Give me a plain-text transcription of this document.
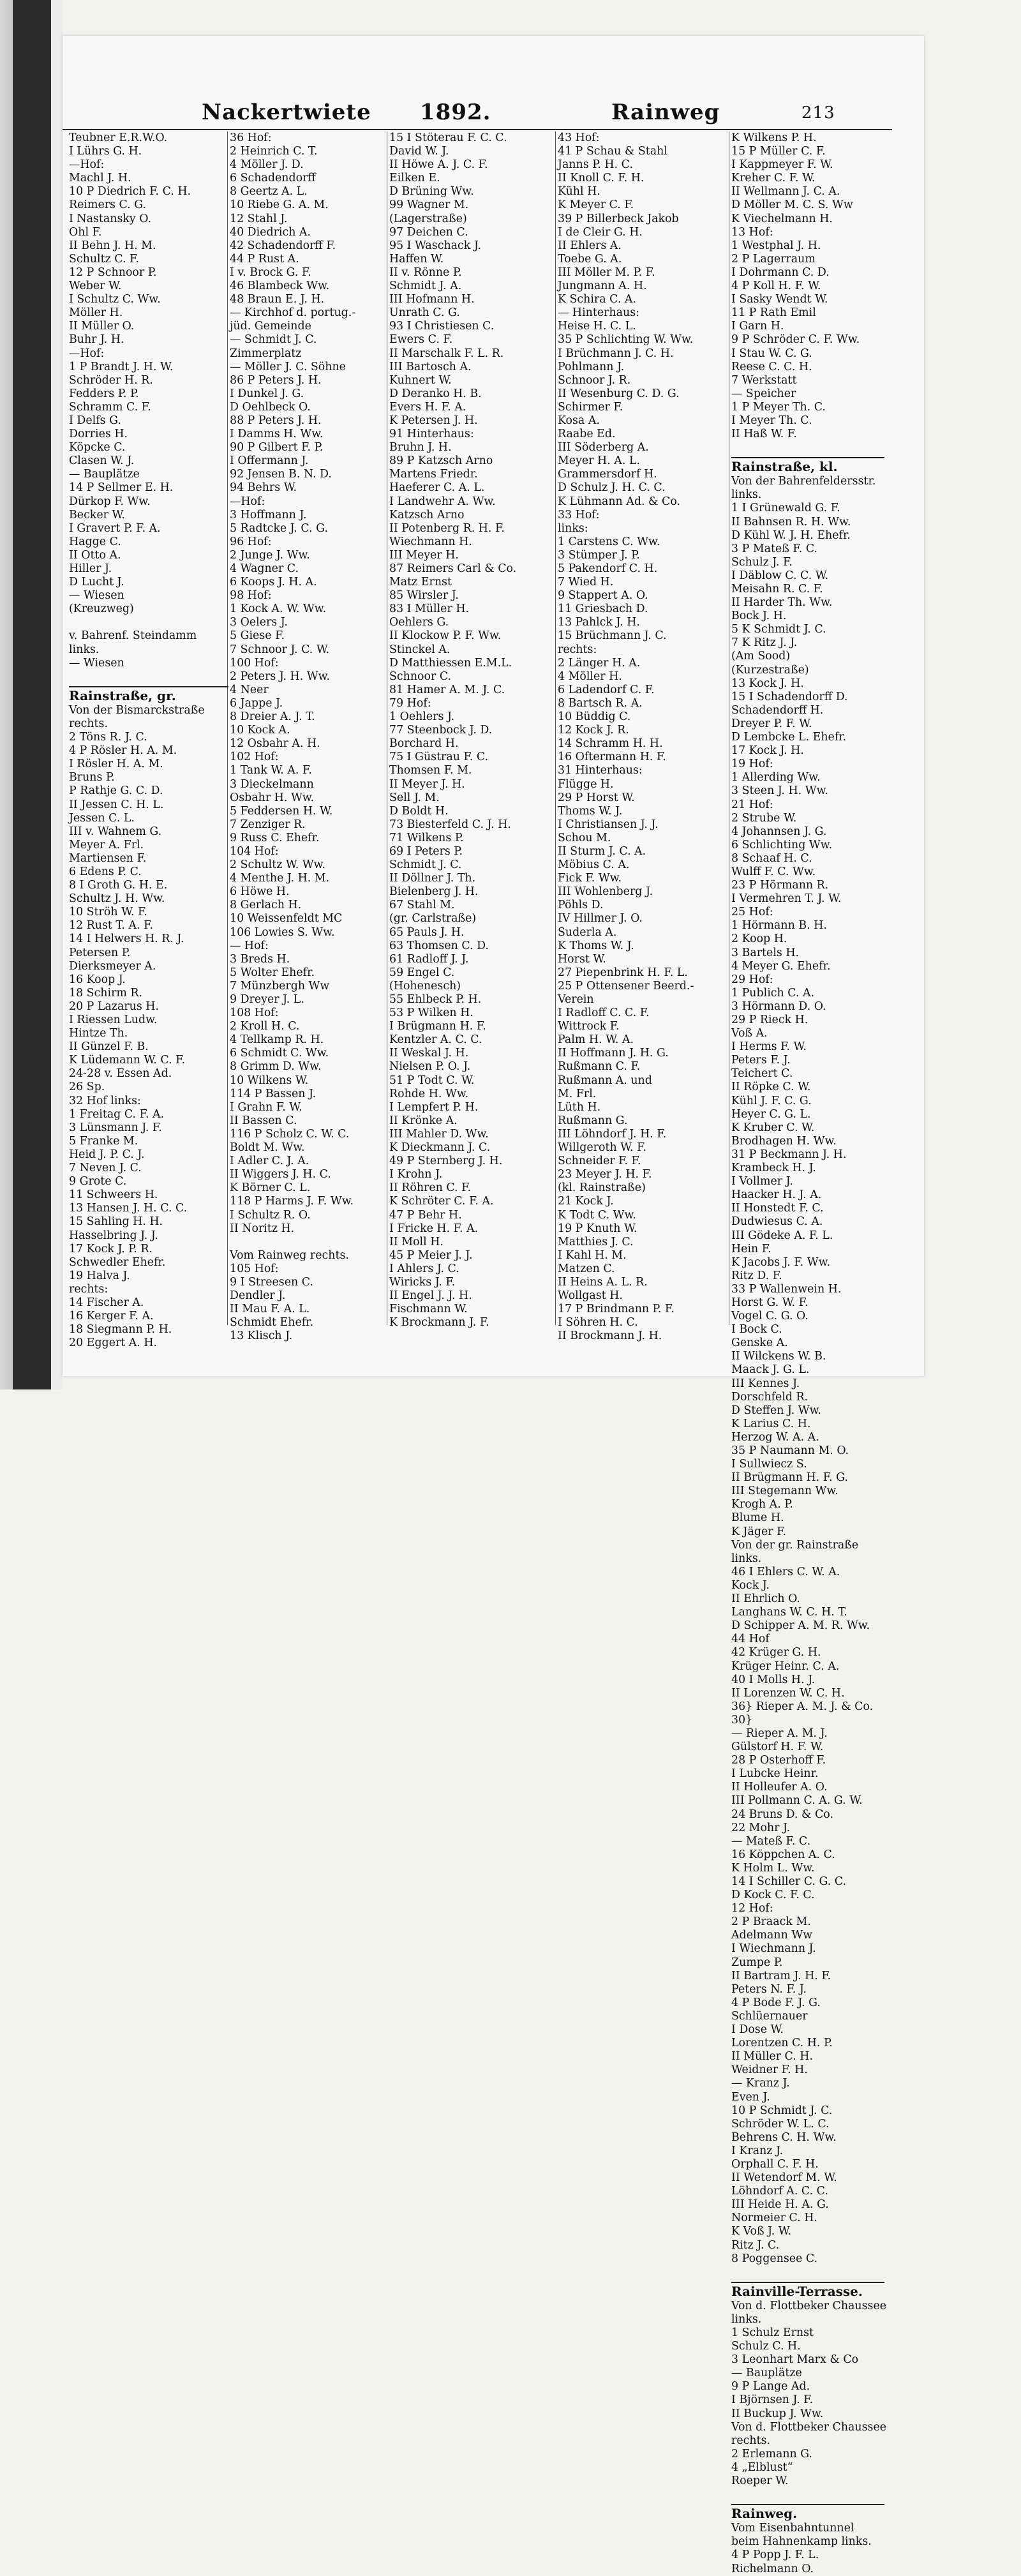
Nackertwiete 1892.	Rainweg	213
Teubner E.R.W.O.
I Lührs G. H.
—Hof:
Machl J. H.
10 P Diedrich F. C. H.
Reimers C. G.
I Nastansky O.
Ohl F.
II Behn J. H. M.
Schultz C. F.
12 P Schnoor P.
Weber W.
I Schultz C. Ww.
Möller H.
II Müller O.
Buhr J. H.
—Hof:
1 P Brandt J. H. W.
Schröder H. R.
Fedders P. P.
Schramm C. F.
I Delfs G.
Dorries H.
Köpcke C.
Clasen W. J.
— Bauplätze
14 P Sellmer E. H.
Dürkop F. Ww.
Becker W.
I Gravert P. F. A.
Hagge C.
II Otto A.
Hiller J.
D Lucht J.
— Wiesen
(Kreuzweg)
v. Bahrenf. Steindamm
links.
— Wiesen
Rainstraße, gr.
Von der Bismarckstraße
rechts.
2 Töns R. J. C.
4 P Rösler H. A. M.
I Rösler H. A. M.
Bruns P.
P Rathje G. C. D.
II Jessen C. H. L.
Jessen C. L.
III v. Wahnem G.
Meyer A. Frl.
Martiensen F.
6 Edens P. C.
8 I Groth G. H. E.
Schultz J. H. Ww.
10 Ströh W. F.
12 Rust T. A. F.
14 I Helwers H. R. J.
Petersen P.
Dierksmeyer A.
16 Koop J.
18 Schirm R.
20 P Lazarus H.
I Riessen Ludw.
Hintze Th.
II Günzel F. B.
K Lüdemann W. C. F.
24-28 v. Essen Ad.
26 Sp.
32 Hof links:
1 Freitag C. F. A.
3 Lünsmann J. F.
5 Franke M.
Heid J. P. C. J.
7 Neven J. C.
9 Grote C.
11 Schweers H.
13 Hansen J. H. C. C.
15 Sahling H. H.
Hasselbring J. J.
17 Kock J. P. R.
Schwedler Ehefr.
19 Halva J.
rechts:
14 Fischer A.
16 Kerger F. A.
18 Siegmann P. H.
20 Eggert A. H.
36 Hof:
2 Heinrich C. T.
4 Möller J. D.
6 Schadendorff
8 Geertz A. L.
10 Riebe G. A. M.
12 Stahl J.
40 Diedrich A.
42 Schadendorff F.
44 P Rust A.
I v. Brock G. F.
46 Blambeck Ww.
48 Braun E. J. H.
— Kirchhof d. portug.-
jüd. Gemeinde
— Schmidt J. C.
Zimmerplatz
— Möller J. C. Söhne
86 P Peters J. H.
I Dunkel J. G.
D Oehlbeck O.
88 P Peters J. H.
I Damms H. Ww.
90 P Gilbert F. P.
I Offermann J.
92 Jensen B. N. D.
94 Behrs W.
—Hof:
3 Hoffmann J.
5 Radtcke J. C. G.
96 Hof:
2 Junge J. Ww.
4 Wagner C.
6 Koops J. H. A.
98 Hof:
1 Kock A. W. Ww.
3 Oelers J.
5 Giese F.
7 Schnoor J. C. W.
100 Hof:
2 Peters J. H. Ww.
4 Neer
6 Jappe J.
8 Dreier A. J. T.
10 Kock A.
12 Osbahr A. H.
102 Hof:
1 Tank W. A. F.
3 Dieckelmann
Osbahr H. Ww.
5 Feddersen H. W.
7 Zenziger R.
9 Russ C. Ehefr.
104 Hof:
2 Schultz W. Ww.
4 Menthe J. H. M.
6 Höwe H.
8 Gerlach H.
10 Weissenfeldt MC
106 Lowies S. Ww.
— Hof:
3 Breds H.
5 Wolter Ehefr.
7 Münzbergh Ww
9 Dreyer J. L.
108 Hof:
2 Kroll H. C.
4 Tellkamp R. H.
6 Schmidt C. Ww.
8 Grimm D. Ww.
10 Wilkens W.
114 P Bassen J.
I Grahn F. W.
II Bassen C.
116 P Scholz C. W. C.
Boldt M. Ww.
I Adler C. J. A.
II Wiggers J. H. C.
K Börner C. L.
118 P Harms J. F. Ww.
I Schultz R. O.
II Noritz H.
Vom Rainweg rechts.
105 Hof:
9 I Streesen C.
Dendler J.
II Mau F. A. L.
Schmidt Ehefr.
13 Klisch J.
15 I Stöterau F. C. C.
David W. J.
II Höwe A. J. C. F.
Eilken E.
D Brüning Ww.
99 Wagner M.
(Lagerstraße)
97 Deichen C.
95 I Waschack J.
Haffen W.
II v. Rönne P.
Schmidt J. A.
III Hofmann H.
Unrath C. G.
93 I Christiesen C.
Ewers C. F.
II Marschalk F. L. R.
III Bartosch A.
Kuhnert W.
D Deranko H. B.
Evers H. F. A.
K Petersen J. H.
91 Hinterhaus:
Bruhn J. H.
89 P Katzsch Arno
Martens Friedr.
Haeferer C. A. L.
I Landwehr A. Ww.
Katzsch Arno
II Potenberg R. H. F.
Wiechmann H.
III Meyer H.
87 Reimers Carl & Co.
Matz Ernst
85 Wirsler J.
83 I Müller H.
Oehlers G.
II Klockow P. F. Ww.
Stinckel A.
D Matthiessen E.M.L.
Schnoor C.
81 Hamer A. M. J. C.
79 Hof:
1 Oehlers J.
77 Steenbock J. D.
Borchard H.
75 I Güstrau F. C.
Thomsen F. M.
II Meyer J. H.
Sell J. M.
D Boldt H.
73 Biesterfeld C. J. H.
71 Wilkens P.
69 I Peters P.
Schmidt J. C.
II Döllner J. Th.
Bielenberg J. H.
67 Stahl M.
(gr. Carlstraße)
65 Pauls J. H.
63 Thomsen C. D.
61 Radloff J. J.
59 Engel C.
(Hohenesch)
55 Ehlbeck P. H.
53 P Wilken H.
I Brügmann H. F.
Kentzler A. C. C.
II Weskal J. H.
Nielsen P. O. J.
51 P Todt C. W.
Rohde H. Ww.
I Lempfert P. H.
II Krönke A.
III Mahler D. Ww.
K Dieckmann J. C.
49 P Sternberg J. H.
I Krohn J.
II Röhren C. F.
K Schröter C. F. A.
47 P Behr H.
I Fricke H. F. A.
II Moll H.
45 P Meier J. J.
I Ahlers J. C.
Wiricks J. F.
II Engel J. J. H.
Fischmann W.
K Brockmann J. F.
43 Hof:
41 P Schau & Stahl
Janns P. H. C.
II Knoll C. F. H.
Kühl H.
K Meyer C. F.
39 P Billerbeck Jakob
I de Cleir G. H.
II Ehlers A.
Toebe G. A.
III Möller M. P. F.
Jungmann A. H.
K Schira C. A.
— Hinterhaus:
Heise H. C. L.
35 P Schlichting W. Ww.
I Brüchmann J. C. H.
Pohlmann J.
Schnoor J. R.
II Wesenburg C. D. G.
Schirmer F.
Kosa A.
Raabe Ed.
III Söderberg A.
Meyer H. A. L.
Grammersdorf H.
D Schulz J. H. C. C.
K Lühmann Ad. & Co.
33 Hof:
links:
1 Carstens C. Ww.
3 Stümper J. P.
5 Pakendorf C. H.
7 Wied H.
9 Stappert A. O.
11 Griesbach D.
13 Pahlck J. H.
15 Brüchmann J. C.
rechts:
2 Länger H. A.
4 Möller H.
6 Ladendorf C. F.
8 Bartsch R. A.
10 Büddig C.
12 Kock J. R.
14 Schramm H. H.
16 Oftermann H. F.
31 Hinterhaus:
Flügge H.
29 P Horst W.
Thoms W. J.
I Christiansen J. J.
Schou M.
II Sturm J. C. A.
Möbius C. A.
Fick F. Ww.
III Wohlenberg J.
Pöhls D.
IV Hillmer J. O.
Suderla A.
K Thoms W. J.
Horst W.
27 Piepenbrink H. F. L.
25 P Ottensener Beerd.-
Verein
I Radloff C. C. F.
Wittrock F.
Palm H. W. A.
II Hoffmann J. H. G.
Rußmann C. F.
Rußmann A. und
M. Frl.
Lüth H.
Rußmann G.
III Löhndorf J. H. F.
Willgeroth W. F.
Schneider F. F.
23 Meyer J. H. F.
(kl. Rainstraße)
21 Kock J.
K Todt C. Ww.
19 P Knuth W.
Matthies J. C.
I Kahl H. M.
Matzen C.
II Heins A. L. R.
Wollgast H.
17 P Brindmann P. F.
I Söhren H. C.
II Brockmann J. H.
K Wilkens P. H.
15 P Müller C. F.
I Kappmeyer F. W.
Kreher C. F. W.
II Wellmann J. C. A.
D Möller M. C. S. Ww
K Viechelmann H.
13 Hof:
1 Westphal J. H.
2 P Lagerraum
I Dohrmann C. D.
4 P Koll H. F. W.
I Sasky Wendt W.
11 P Rath Emil
I Garn H.
9 P Schröder C. F. Ww.
I Stau W. C. G.
Reese C. C. H.
7 Werkstatt
— Speicher
1 P Meyer Th. C.
I Meyer Th. C.
II Haß W. F.
Rainstraße, kl.
Von der Bahrenfeldersstr.
links.
1 I Grünewald G. F.
II Bahnsen R. H. Ww.
D Kühl W. J. H. Ehefr.
3 P Mateß F. C.
Schulz J. F.
I Däblow C. C. W.
Meisahn R. C. F.
II Harder Th. Ww.
Bock J. H.
5 K Schmidt J. C.
7 K Ritz J. J.
(Am Sood)
(Kurzestraße)
13 Kock J. H.
15 I Schadendorff D.
Schadendorff H.
Dreyer P. F. W.
D Lembcke L. Ehefr.
17 Kock J. H.
19 Hof:
1 Allerding Ww.
3 Steen J. H. Ww.
21 Hof:
2 Strube W.
4 Johannsen J. G.
6 Schlichting Ww.
8 Schaaf H. C.
Wulff F. C. Ww.
23 P Hörmann R.
I Vermehren T. J. W.
25 Hof:
1 Hörmann B. H.
2 Koop H.
3 Bartels H.
4 Meyer G. Ehefr.
29 Hof:
1 Publich C. A.
3 Hörmann D. O.
29 P Rieck H.
Voß A.
I Herms F. W.
Peters F. J.
Teichert C.
II Röpke C. W.
Kühl J. F. C. G.
Heyer C. G. L.
K Kruber C. W.
Brodhagen H. Ww.
31 P Beckmann J. H.
Krambeck H. J.
I Vollmer J.
Haacker H. J. A.
II Honstedt F. C.
Dudwiesus C. A.
III Gödeke A. F. L.
Hein F.
K Jacobs J. F. Ww.
Ritz D. F.
33 P Wallenwein H.
Horst G. W. F.
Vogel C. G. O.
I Bock C.
Genske A.
II Wilckens W. B.
Maack J. G. L.
III Kennes J.
Dorschfeld R.
D Steffen J. Ww.
K Larius C. H.
Herzog W. A. A.
35 P Naumann M. O.
I Sullwiecz S.
II Brügmann H. F. G.
III Stegemann Ww.
Krogh A. P.
Blume H.
K Jäger F.
Von der gr. Rainstraße
links.
46 I Ehlers C. W. A.
Kock J.
II Ehrlich O.
Langhans W. C. H. T.
D Schipper A. M. R. Ww.
44 Hof
42 Krüger G. H.
Krüger Heinr. C. A.
40 I Molls H. J.
II Lorenzen W. C. H.
36} Rieper A. M. J. & Co.
30}
— Rieper A. M. J.
Gülstorf H. F. W.
28 P Osterhoff F.
I Lubcke Heinr.
II Holleufer A. O.
III Pollmann C. A. G. W.
24 Bruns D. & Co.
22 Mohr J.
— Mateß F. C.
16 Köppchen A. C.
K Holm L. Ww.
14 I Schiller C. G. C.
D Kock C. F. C.
12 Hof:
2 P Braack M.
Adelmann Ww
I Wiechmann J.
Zumpe P.
II Bartram J. H. F.
Peters N. F. J.
4 P Bode F. J. G.
Schlüernauer
I Dose W.
Lorentzen C. H. P.
II Müller C. H.
Weidner F. H.
— Kranz J.
Even J.
10 P Schmidt J. C.
Schröder W. L. C.
Behrens C. H. Ww.
I Kranz J.
Orphall C. F. H.
II Wetendorf M. W.
Löhndorf A. C. C.
III Heide H. A. G.
Normeier C. H.
K Voß J. W.
Ritz J. C.
8 Poggensee C.
Rainville-Terrasse.
Von d. Flottbeker Chaussee
links.
1 Schulz Ernst
Schulz C. H.
3 Leonhart Marx & Co
— Bauplätze
9 P Lange Ad.
I Björnsen J. F.
II Buckup J. Ww.
Von d. Flottbeker Chaussee
rechts.
2 Erlemann G.
4 „Elblust“
Roeper W.
Rainweg.
Vom Eisenbahntunnel
beim Hahnenkamp links.
4 P Popp J. F. L.
Richelmann O.
